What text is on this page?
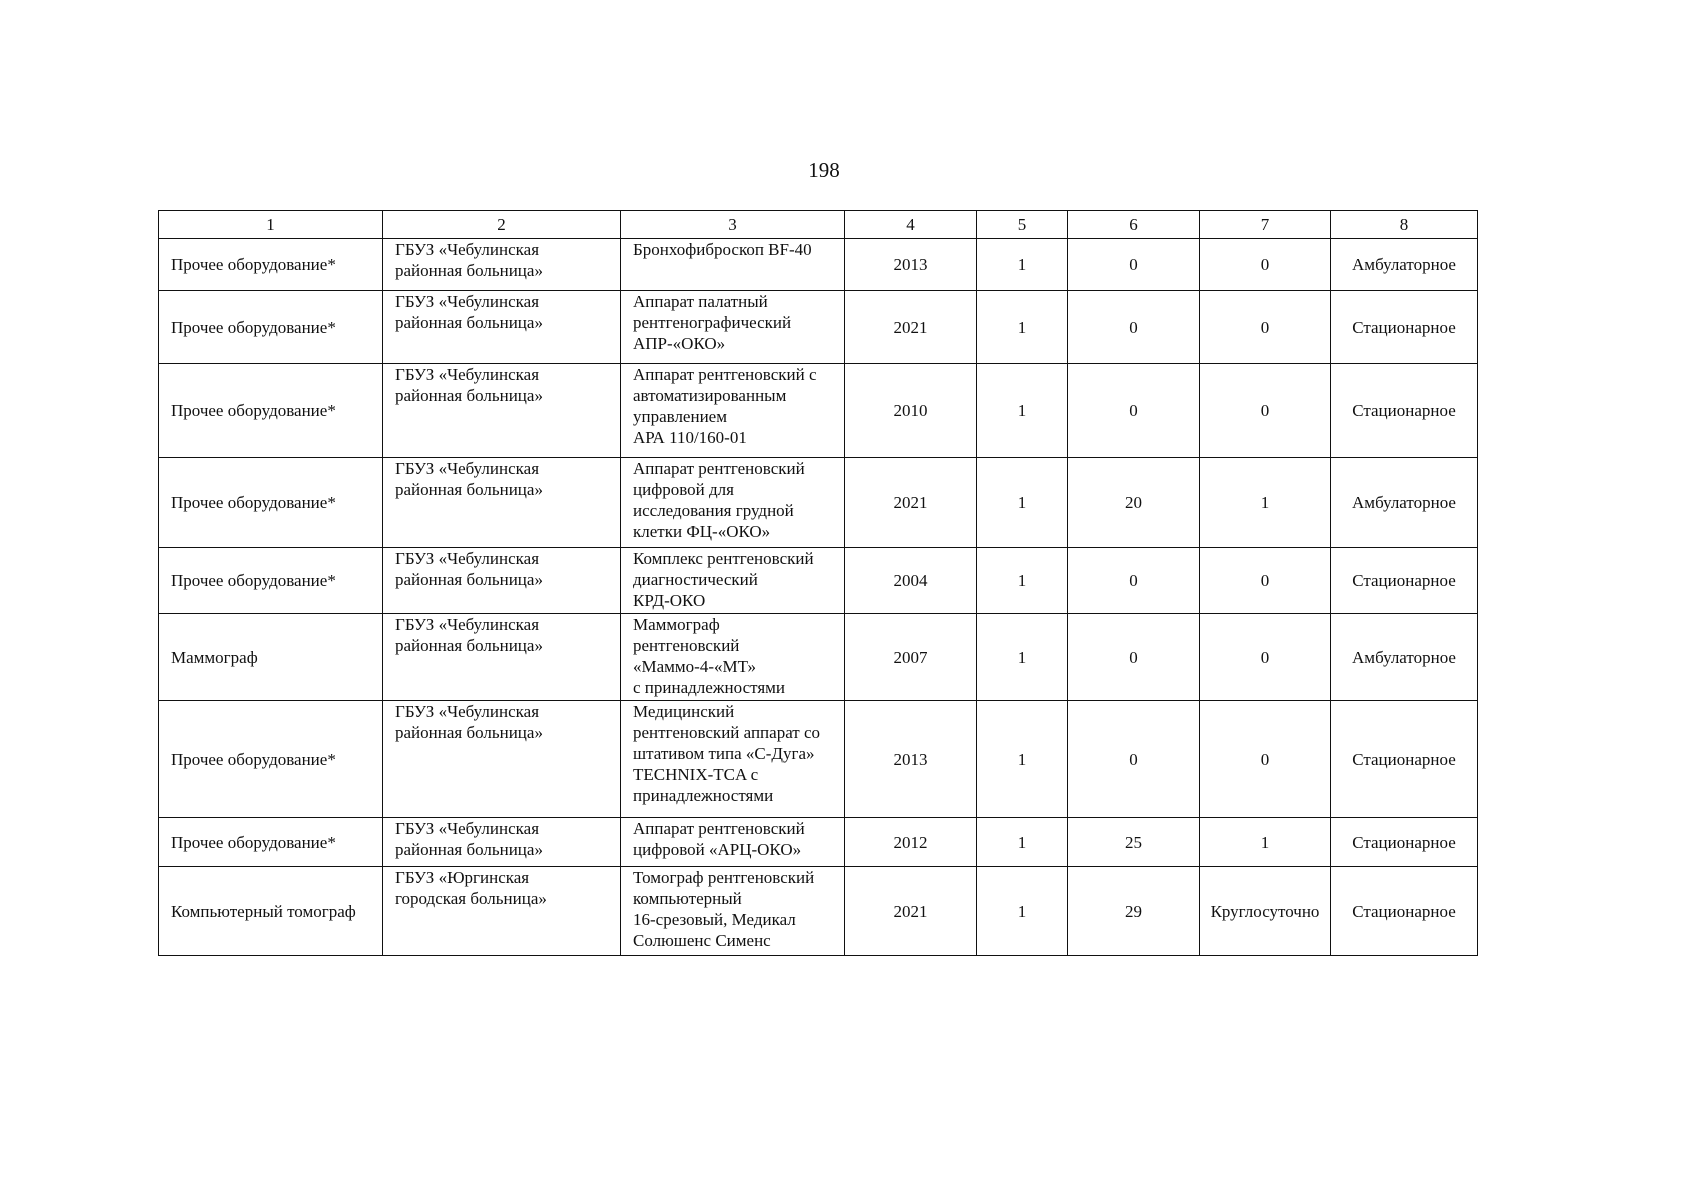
198
1	2	3	4	5	6	7	8
Прочее оборудование*	ГБУЗ «Чебулинская
районная больница»	Бронхофиброскоп BF-40	2013	1	0	0	Амбулаторное
Прочее оборудование*	ГБУЗ «Чебулинская
районная больница»	Аппарат палатный
рентгенографический
АПР-«ОКО»	2021	1	0	0	Стационарное
Прочее оборудование*	ГБУЗ «Чебулинская
районная больница»	Аппарат рентгеновский с
автоматизированным
управлением
АРА 110/160-01	2010	1	0	0	Стационарное
Прочее оборудование*	ГБУЗ «Чебулинская
районная больница»	Аппарат рентгеновский
цифровой для
исследования грудной
клетки ФЦ-«ОКО»	2021	1	20	1	Амбулаторное
Прочее оборудование*	ГБУЗ «Чебулинская
районная больница»	Комплекс рентгеновский
диагностический
КРД-ОКО	2004	1	0	0	Стационарное
Маммограф	ГБУЗ «Чебулинская
районная больница»	Маммограф
рентгеновский
«Маммо-4-«МТ»
с принадлежностями	2007	1	0	0	Амбулаторное
Прочее оборудование*	ГБУЗ «Чебулинская
районная больница»	Медицинский
рентгеновский аппарат со
штативом типа «С-Дуга»
TECHNIX-TCA с
принадлежностями	2013	1	0	0	Стационарное
Прочее оборудование*	ГБУЗ «Чебулинская
районная больница»	Аппарат рентгеновский
цифровой «АРЦ-ОКО»	2012	1	25	1	Стационарное
Компьютерный томограф	ГБУЗ «Юргинская
городская больница»	Томограф рентгеновский
компьютерный
16-срезовый, Медикал
Солюшенс Сименс	2021	1	29	Круглосуточно	Стационарное
